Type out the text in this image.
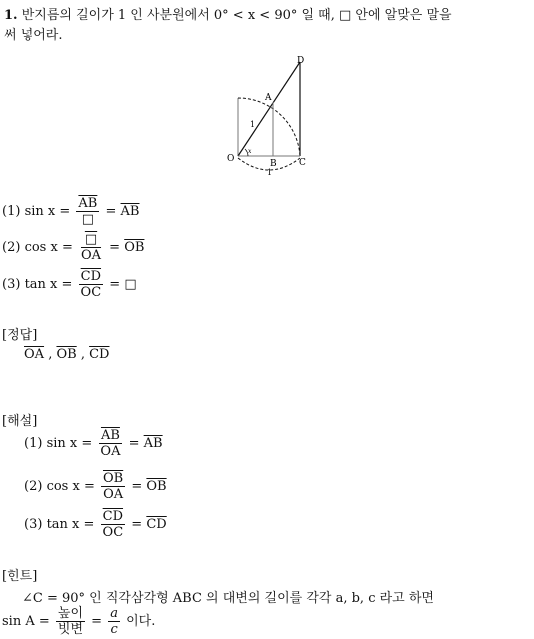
1. 반지름의 길이가 1 인 사분원에서 0° < x < 90° 일 때, □ 안에 알맞은 말을
써 넣어라.
D
A
O	B C
1
1
x
(1) $\sin x = \frac{\overline{AB}}{□} = \overline{AB}$
(2) $\cos x = \frac{□}{OA} = \overline{OB}$
(3) $\tan x = \frac{\overline{CD}}{OC}$ = □
[정답]
$\overline{OA}$ , $\overline{OB}$ , $\overline{CD}$
[해설]
(1) $\sin x = \frac{\overline{AB}}{OA} = \overline{AB}$
(2) $\cos x = \frac{\overline{OB}}{OA} = \overline{OB}$
(3) $\tan x = \frac{\overline{CD}}{OC} = \overline{CD}$
[힌트]
∠C = 90° 인 직각삼각형 ABC 의 대변의 길이를 각각 a, b, c 라고 하면
$\sin A = \frac{\text{높이}}{\text{빗변}} = \frac{a}{c}$ 이다.
